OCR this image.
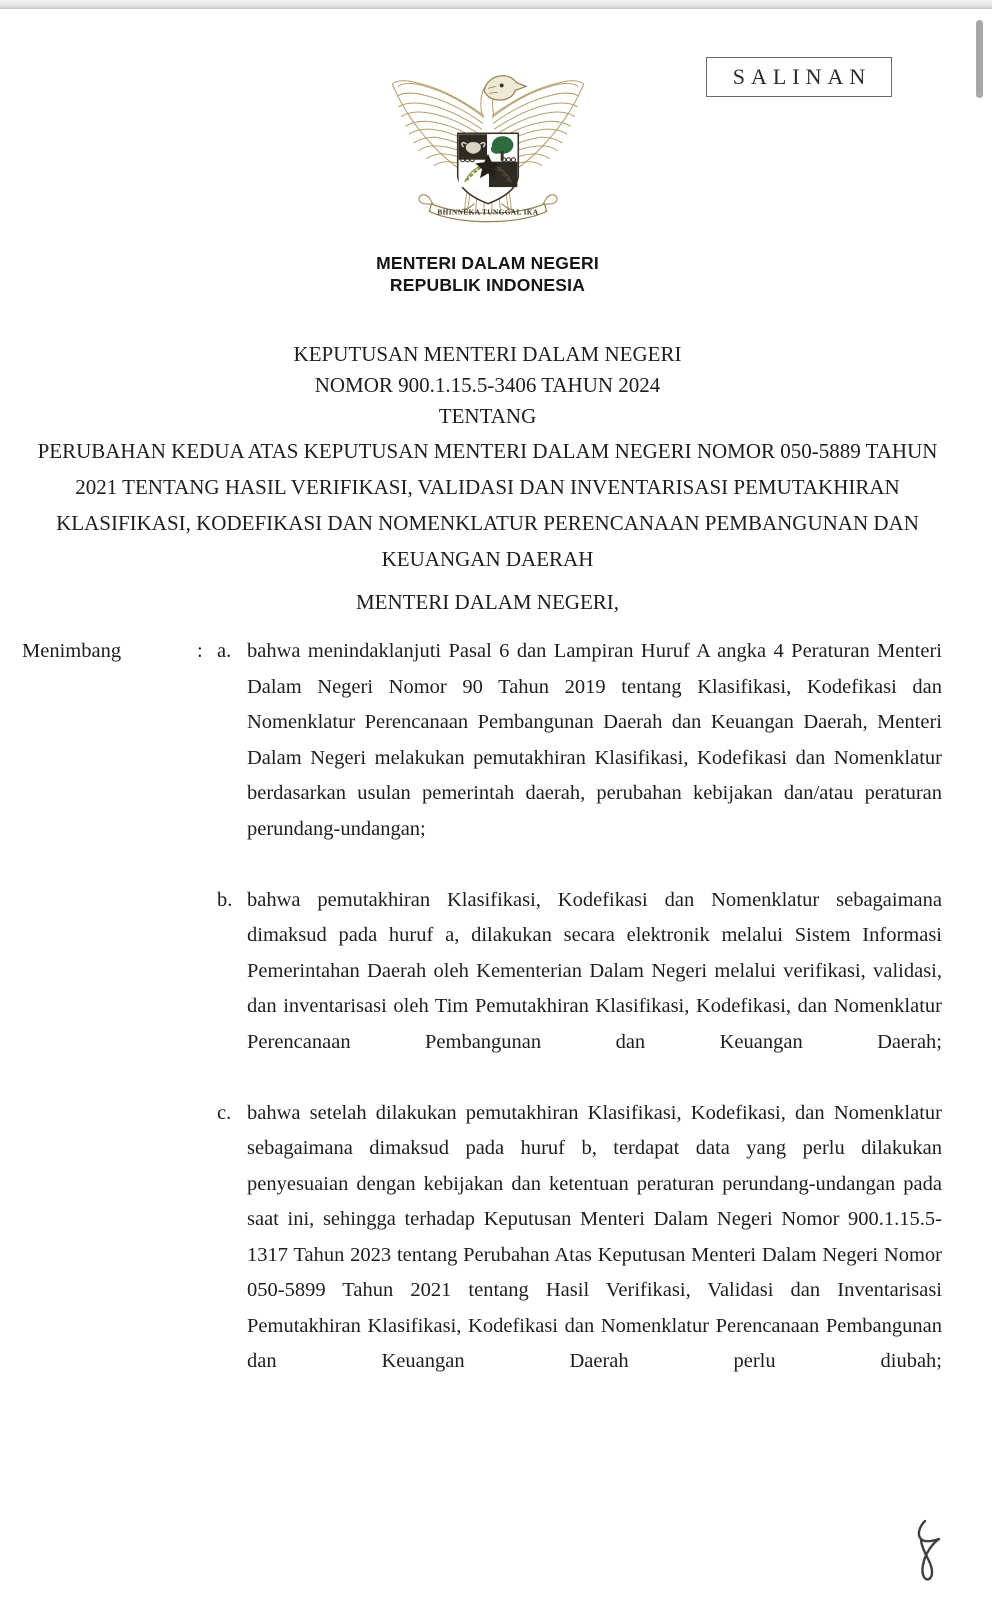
SALINAN
BHINNEKA TUNGGAL IKA
MENTERI DALAM NEGERI
REPUBLIK INDONESIA
KEPUTUSAN MENTERI DALAM NEGERI
NOMOR 900.1.15.5-3406 TAHUN 2024
TENTANG
PERUBAHAN KEDUA ATAS KEPUTUSAN MENTERI DALAM NEGERI NOMOR 050-5889 TAHUN 2021 TENTANG HASIL VERIFIKASI, VALIDASI DAN INVENTARISASI PEMUTAKHIRAN KLASIFIKASI, KODEFIKASI DAN NOMENKLATUR PERENCANAAN PEMBANGUNAN DAN KEUANGAN DAERAH
MENTERI DALAM NEGERI,
Menimbang	: a. bahwa menindaklanjuti Pasal 6 dan Lampiran Huruf A angka 4 Peraturan Menteri Dalam Negeri Nomor 90 Tahun 2019 tentang Klasifikasi, Kodefikasi dan Nomenklatur Perencanaan Pembangunan Daerah dan Keuangan Daerah, Menteri Dalam Negeri melakukan pemutakhiran Klasifikasi, Kodefikasi dan Nomenklatur berdasarkan usulan pemerintah daerah, perubahan kebijakan dan/atau peraturan perundang-undangan;
b. bahwa pemutakhiran Klasifikasi, Kodefikasi dan Nomenklatur sebagaimana dimaksud pada huruf a, dilakukan secara elektronik melalui Sistem Informasi Pemerintahan Daerah oleh Kementerian Dalam Negeri melalui verifikasi, validasi, dan inventarisasi oleh Tim Pemutakhiran Klasifikasi, Kodefikasi, dan Nomenklatur Perencanaan Pembangunan dan Keuangan Daerah;
c. bahwa setelah dilakukan pemutakhiran Klasifikasi, Kodefikasi, dan Nomenklatur sebagaimana dimaksud pada huruf b, terdapat data yang perlu dilakukan penyesuaian dengan kebijakan dan ketentuan peraturan perundang-undangan pada saat ini, sehingga terhadap Keputusan Menteri Dalam Negeri Nomor 900.1.15.5-1317 Tahun 2023 tentang Perubahan Atas Keputusan Menteri Dalam Negeri Nomor 050-5899 Tahun 2021 tentang Hasil Verifikasi, Validasi dan Inventarisasi Pemutakhiran Klasifikasi, Kodefikasi dan Nomenklatur Perencanaan Pembangunan dan Keuangan Daerah perlu diubah;
